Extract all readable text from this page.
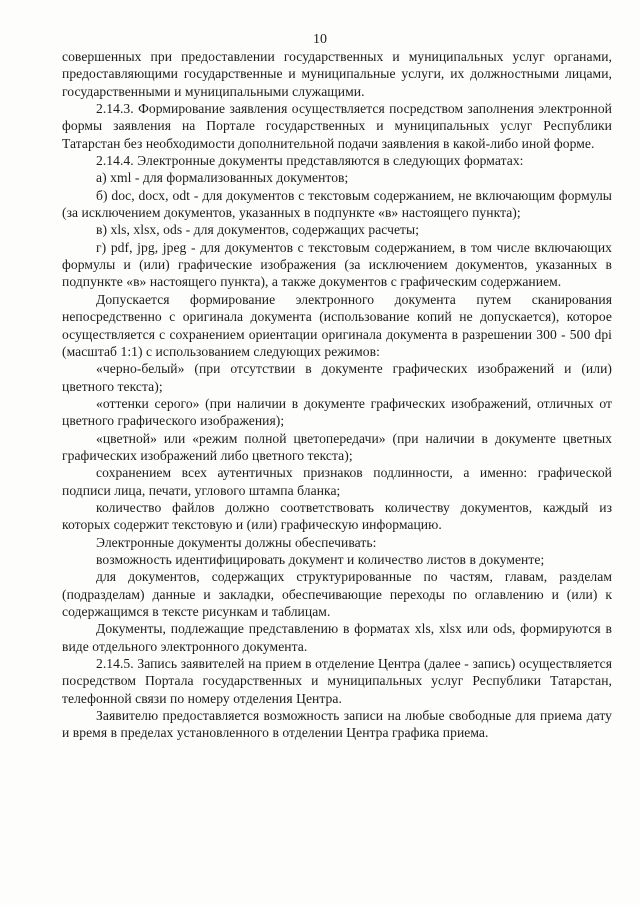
10

совершенных при предоставлении государственных и муниципальных услуг органами, предоставляющими государственные и муниципальные услуги, их должностными лицами, государственными и муниципальными служащими.

2.14.3. Формирование заявления осуществляется посредством заполнения электронной формы заявления на Портале государственных и муниципальных услуг Республики Татарстан без необходимости дополнительной подачи заявления в какой-либо иной форме.

2.14.4. Электронные документы представляются в следующих форматах:

а) xml - для формализованных документов;

б) doc, docx, odt - для документов с текстовым содержанием, не включающим формулы (за исключением документов, указанных в подпункте «в» настоящего пункта);

в) xls, xlsx, ods - для документов, содержащих расчеты;

г) pdf, jpg, jpeg - для документов с текстовым содержанием, в том числе включающих формулы и (или) графические изображения (за исключением документов, указанных в подпункте «в» настоящего пункта), а также документов с графическим содержанием.

Допускается формирование электронного документа путем сканирования непосредственно с оригинала документа (использование копий не допускается), которое осуществляется с сохранением ориентации оригинала документа в разрешении 300 - 500 dpi (масштаб 1:1) с использованием следующих режимов:

«черно-белый» (при отсутствии в документе графических изображений и (или) цветного текста);

«оттенки серого» (при наличии в документе графических изображений, отличных от цветного графического изображения);

«цветной» или «режим полной цветопередачи» (при наличии в документе цветных графических изображений либо цветного текста);

сохранением всех аутентичных признаков подлинности, а именно: графической подписи лица, печати, углового штампа бланка;

количество файлов должно соответствовать количеству документов, каждый из которых содержит текстовую и (или) графическую информацию.

Электронные документы должны обеспечивать:

возможность идентифицировать документ и количество листов в документе;

для документов, содержащих структурированные по частям, главам, разделам (подразделам) данные и закладки, обеспечивающие переходы по оглавлению и (или) к содержащимся в тексте рисункам и таблицам.

Документы, подлежащие представлению в форматах xls, xlsx или ods, формируются в виде отдельного электронного документа.

2.14.5. Запись заявителей на прием в отделение Центра (далее - запись) осуществляется посредством Портала государственных и муниципальных услуг Республики Татарстан, телефонной связи по номеру отделения Центра.

Заявителю предоставляется возможность записи на любые свободные для приема дату и время в пределах установленного в отделении Центра графика приема.
